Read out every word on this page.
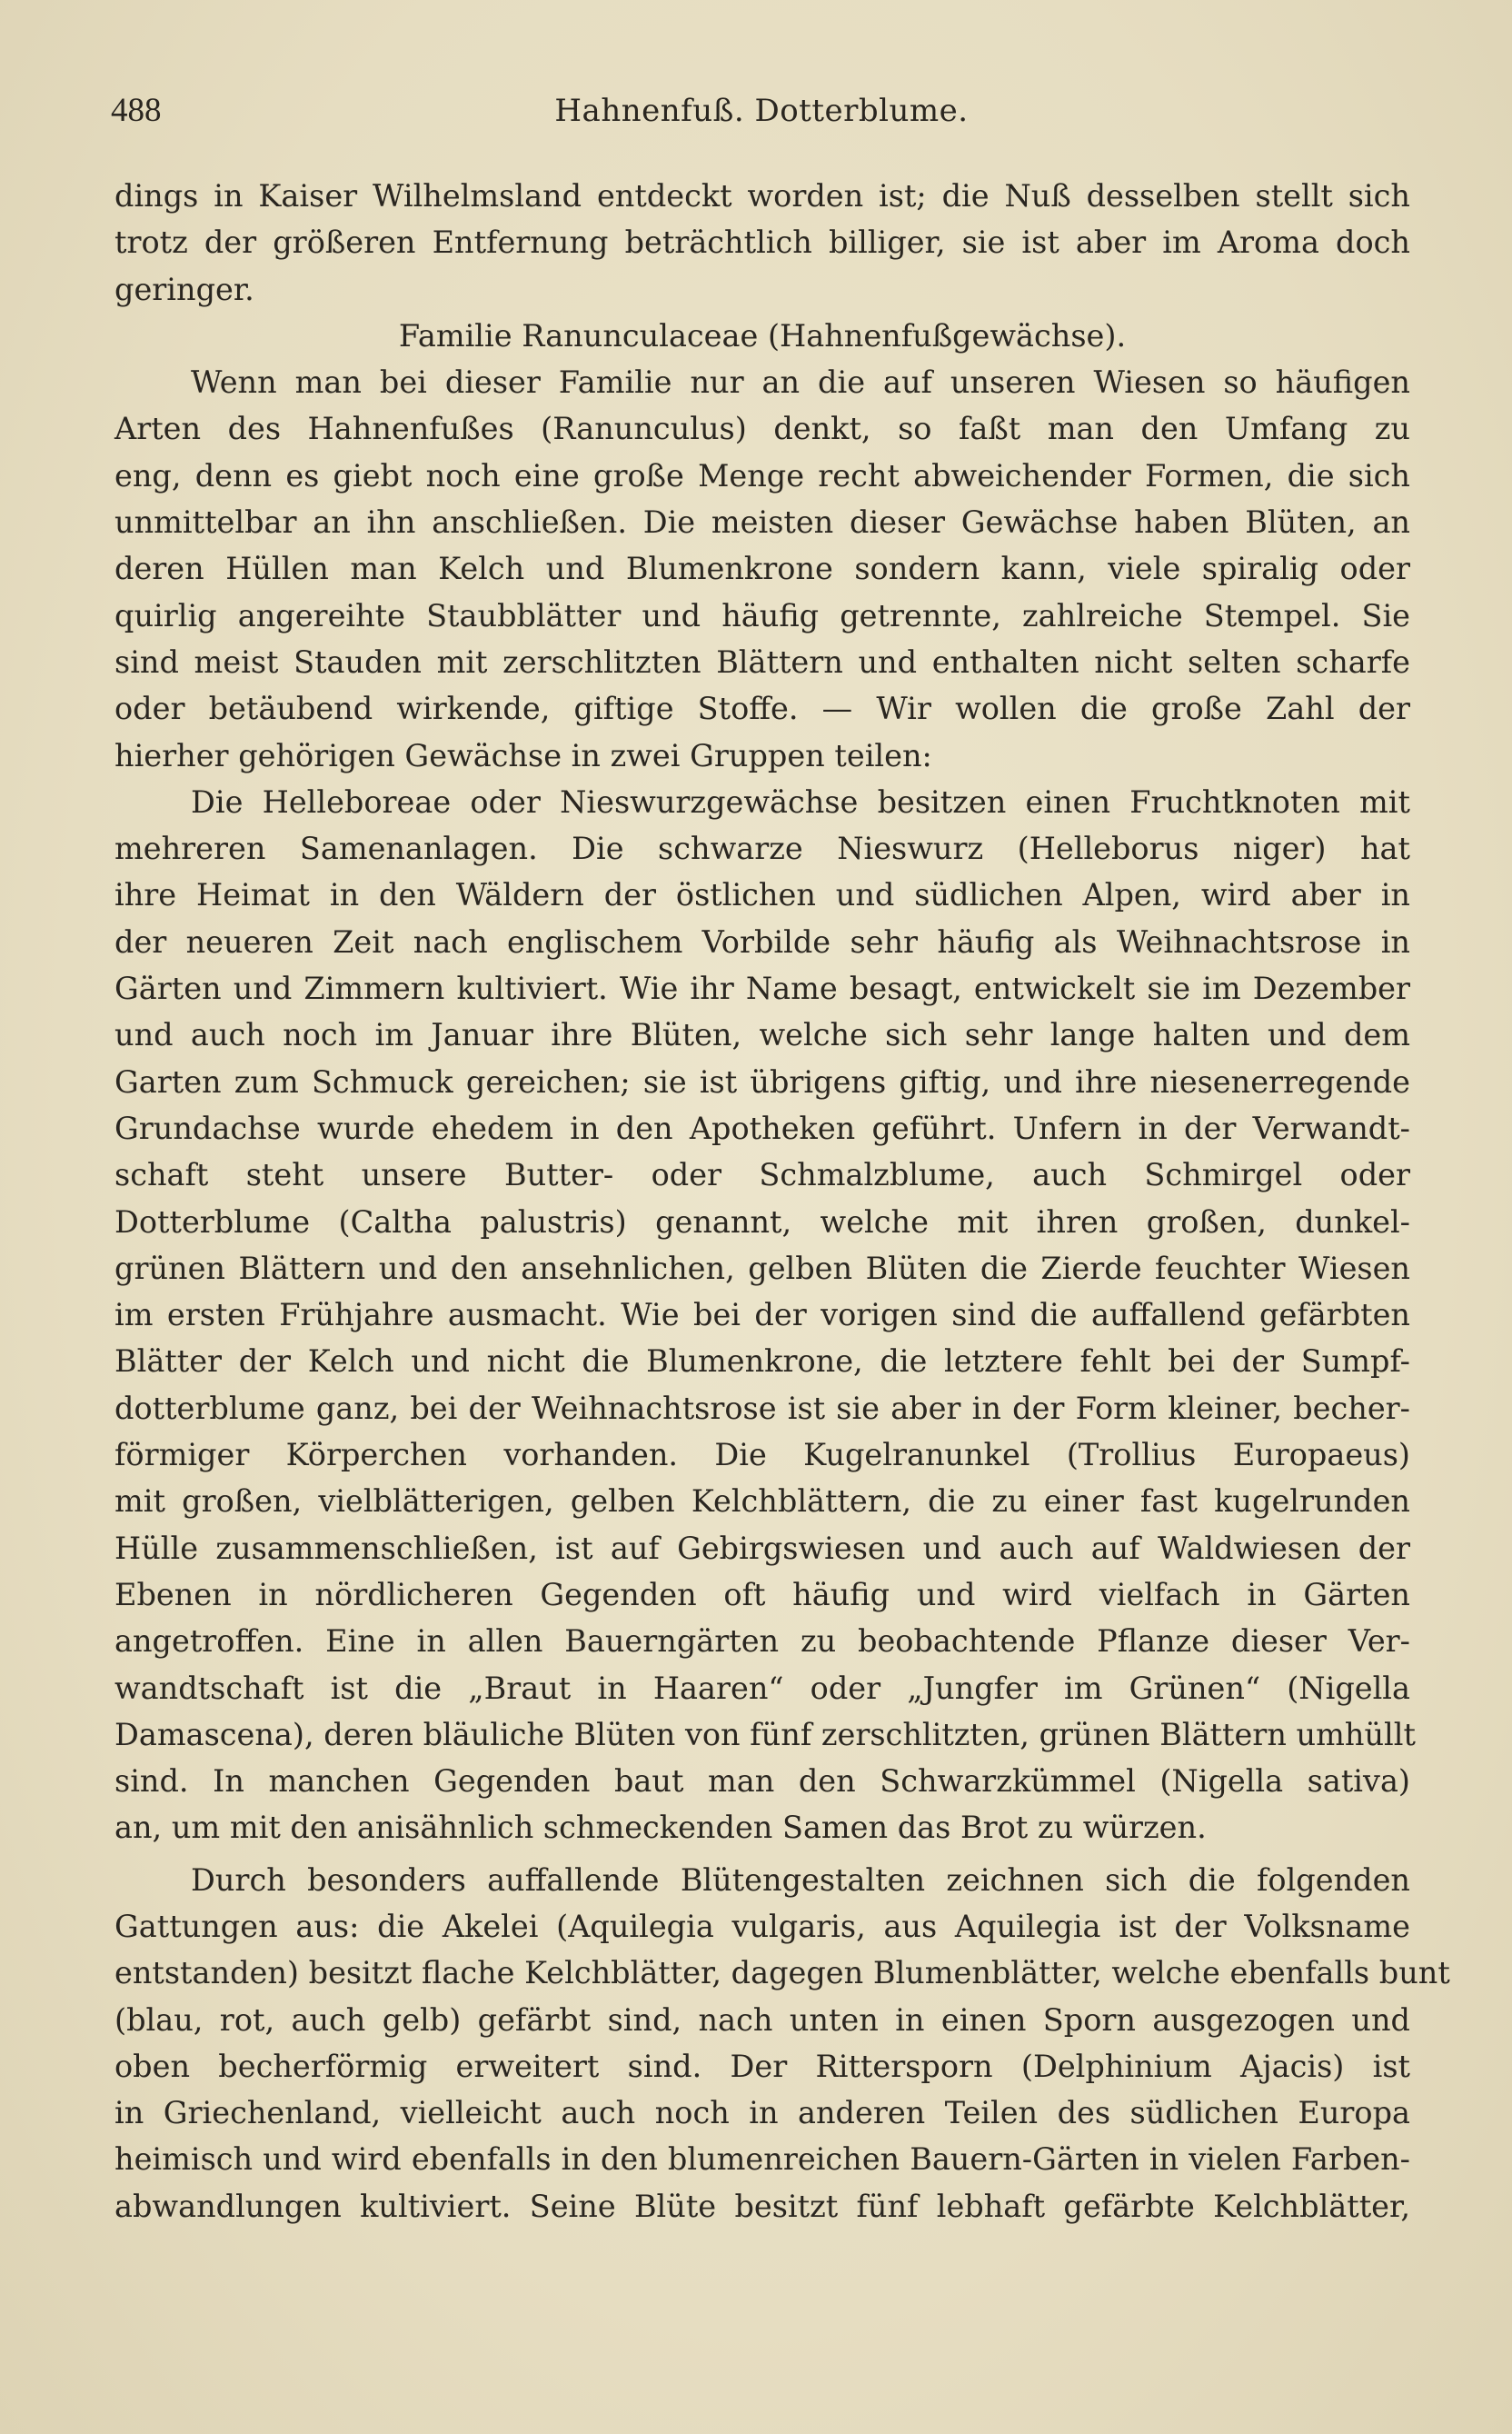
488	Hahnenfuß. Dotterblume.
dings in Kaiser Wilhelmsland entdeckt worden ist; die Nuß desselben stellt sich
trotz der größeren Entfernung beträchtlich billiger, sie ist aber im Aroma doch
geringer.
Familie Ranunculaceae (Hahnenfußgewächse).
Wenn man bei dieser Familie nur an die auf unseren Wiesen so häufigen
Arten des Hahnenfußes (Ranunculus) denkt, so faßt man den Umfang zu
eng, denn es giebt noch eine große Menge recht abweichender Formen, die sich
unmittelbar an ihn anschließen. Die meisten dieser Gewächse haben Blüten, an
deren Hüllen man Kelch und Blumenkrone sondern kann, viele spiralig oder
quirlig angereihte Staubblätter und häufig getrennte, zahlreiche Stempel. Sie
sind meist Stauden mit zerschlitzten Blättern und enthalten nicht selten scharfe
oder betäubend wirkende, giftige Stoffe. — Wir wollen die große Zahl der
hierher gehörigen Gewächse in zwei Gruppen teilen:
Die Helleboreae oder Nieswurzgewächse besitzen einen Fruchtknoten mit
mehreren Samenanlagen. Die schwarze Nieswurz (Helleborus niger) hat
ihre Heimat in den Wäldern der östlichen und südlichen Alpen, wird aber in
der neueren Zeit nach englischem Vorbilde sehr häufig als Weihnachtsrose in
Gärten und Zimmern kultiviert. Wie ihr Name besagt, entwickelt sie im Dezember
und auch noch im Januar ihre Blüten, welche sich sehr lange halten und dem
Garten zum Schmuck gereichen; sie ist übrigens giftig, und ihre niesenerregende
Grundachse wurde ehedem in den Apotheken geführt. Unfern in der Verwandt-
schaft steht unsere Butter- oder Schmalzblume, auch Schmirgel oder
Dotterblume (Caltha palustris) genannt, welche mit ihren großen, dunkel-
grünen Blättern und den ansehnlichen, gelben Blüten die Zierde feuchter Wiesen
im ersten Frühjahre ausmacht. Wie bei der vorigen sind die auffallend gefärbten
Blätter der Kelch und nicht die Blumenkrone, die letztere fehlt bei der Sumpf-
dotterblume ganz, bei der Weihnachtsrose ist sie aber in der Form kleiner, becher-
förmiger Körperchen vorhanden. Die Kugelranunkel (Trollius Europaeus)
mit großen, vielblätterigen, gelben Kelchblättern, die zu einer fast kugelrunden
Hülle zusammenschließen, ist auf Gebirgswiesen und auch auf Waldwiesen der
Ebenen in nördlicheren Gegenden oft häufig und wird vielfach in Gärten
angetroffen. Eine in allen Bauerngärten zu beobachtende Pflanze dieser Ver-
wandtschaft ist die „Braut in Haaren“ oder „Jungfer im Grünen“ (Nigella
Damascena), deren bläuliche Blüten von fünf zerschlitzten, grünen Blättern umhüllt
sind. In manchen Gegenden baut man den Schwarzkümmel (Nigella sativa)
an, um mit den anisähnlich schmeckenden Samen das Brot zu würzen.
Durch besonders auffallende Blütengestalten zeichnen sich die folgenden
Gattungen aus: die Akelei (Aquilegia vulgaris, aus Aquilegia ist der Volksname
entstanden) besitzt flache Kelchblätter, dagegen Blumenblätter, welche ebenfalls bunt
(blau, rot, auch gelb) gefärbt sind, nach unten in einen Sporn ausgezogen und
oben becherförmig erweitert sind. Der Rittersporn (Delphinium Ajacis) ist
in Griechenland, vielleicht auch noch in anderen Teilen des südlichen Europa
heimisch und wird ebenfalls in den blumenreichen Bauern-Gärten in vielen Farben-
abwandlungen kultiviert. Seine Blüte besitzt fünf lebhaft gefärbte Kelchblätter,
